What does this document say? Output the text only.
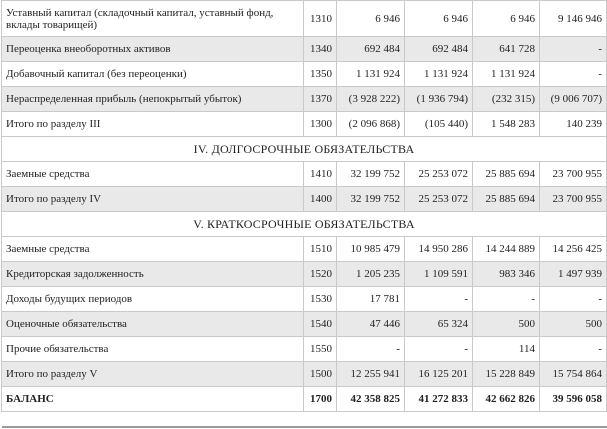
Уставный капитал (складочный капитал, уставный фонд, вклады товарищей)	1310	6 946	6 946	6 946	9 146 946
Переоценка внеоборотных активов	1340	692 484	692 484	641 728	-
Добавочный капитал (без переоценки)	1350	1 131 924	1 131 924	1 131 924	-
Нераспределенная прибыль (непокрытый убыток)	1370	(3 928 222)	(1 936 794)	(232 315)	(9 006 707)
Итого по разделу III	1300	(2 096 868)	(105 440)	1 548 283	140 239
IV. ДОЛГОСРОЧНЫЕ ОБЯЗАТЕЛЬСТВА					
Заемные средства	1410	32 199 752	25 253 072	25 885 694	23 700 955
Итого по разделу IV	1400	32 199 752	25 253 072	25 885 694	23 700 955
V. КРАТКОСРОЧНЫЕ ОБЯЗАТЕЛЬСТВА					
Заемные средства	1510	10 985 479	14 950 286	14 244 889	14 256 425
Кредиторская задолженность	1520	1 205 235	1 109 591	983 346	1 497 939
Доходы будущих периодов	1530	17 781	-	-	-
Оценочные обязательства	1540	47 446	65 324	500	500
Прочие обязательства	1550	-	-	114	-
Итого по разделу V	1500	12 255 941	16 125 201	15 228 849	15 754 864
БАЛАНС	1700	42 358 825	41 272 833	42 662 826	39 596 058
